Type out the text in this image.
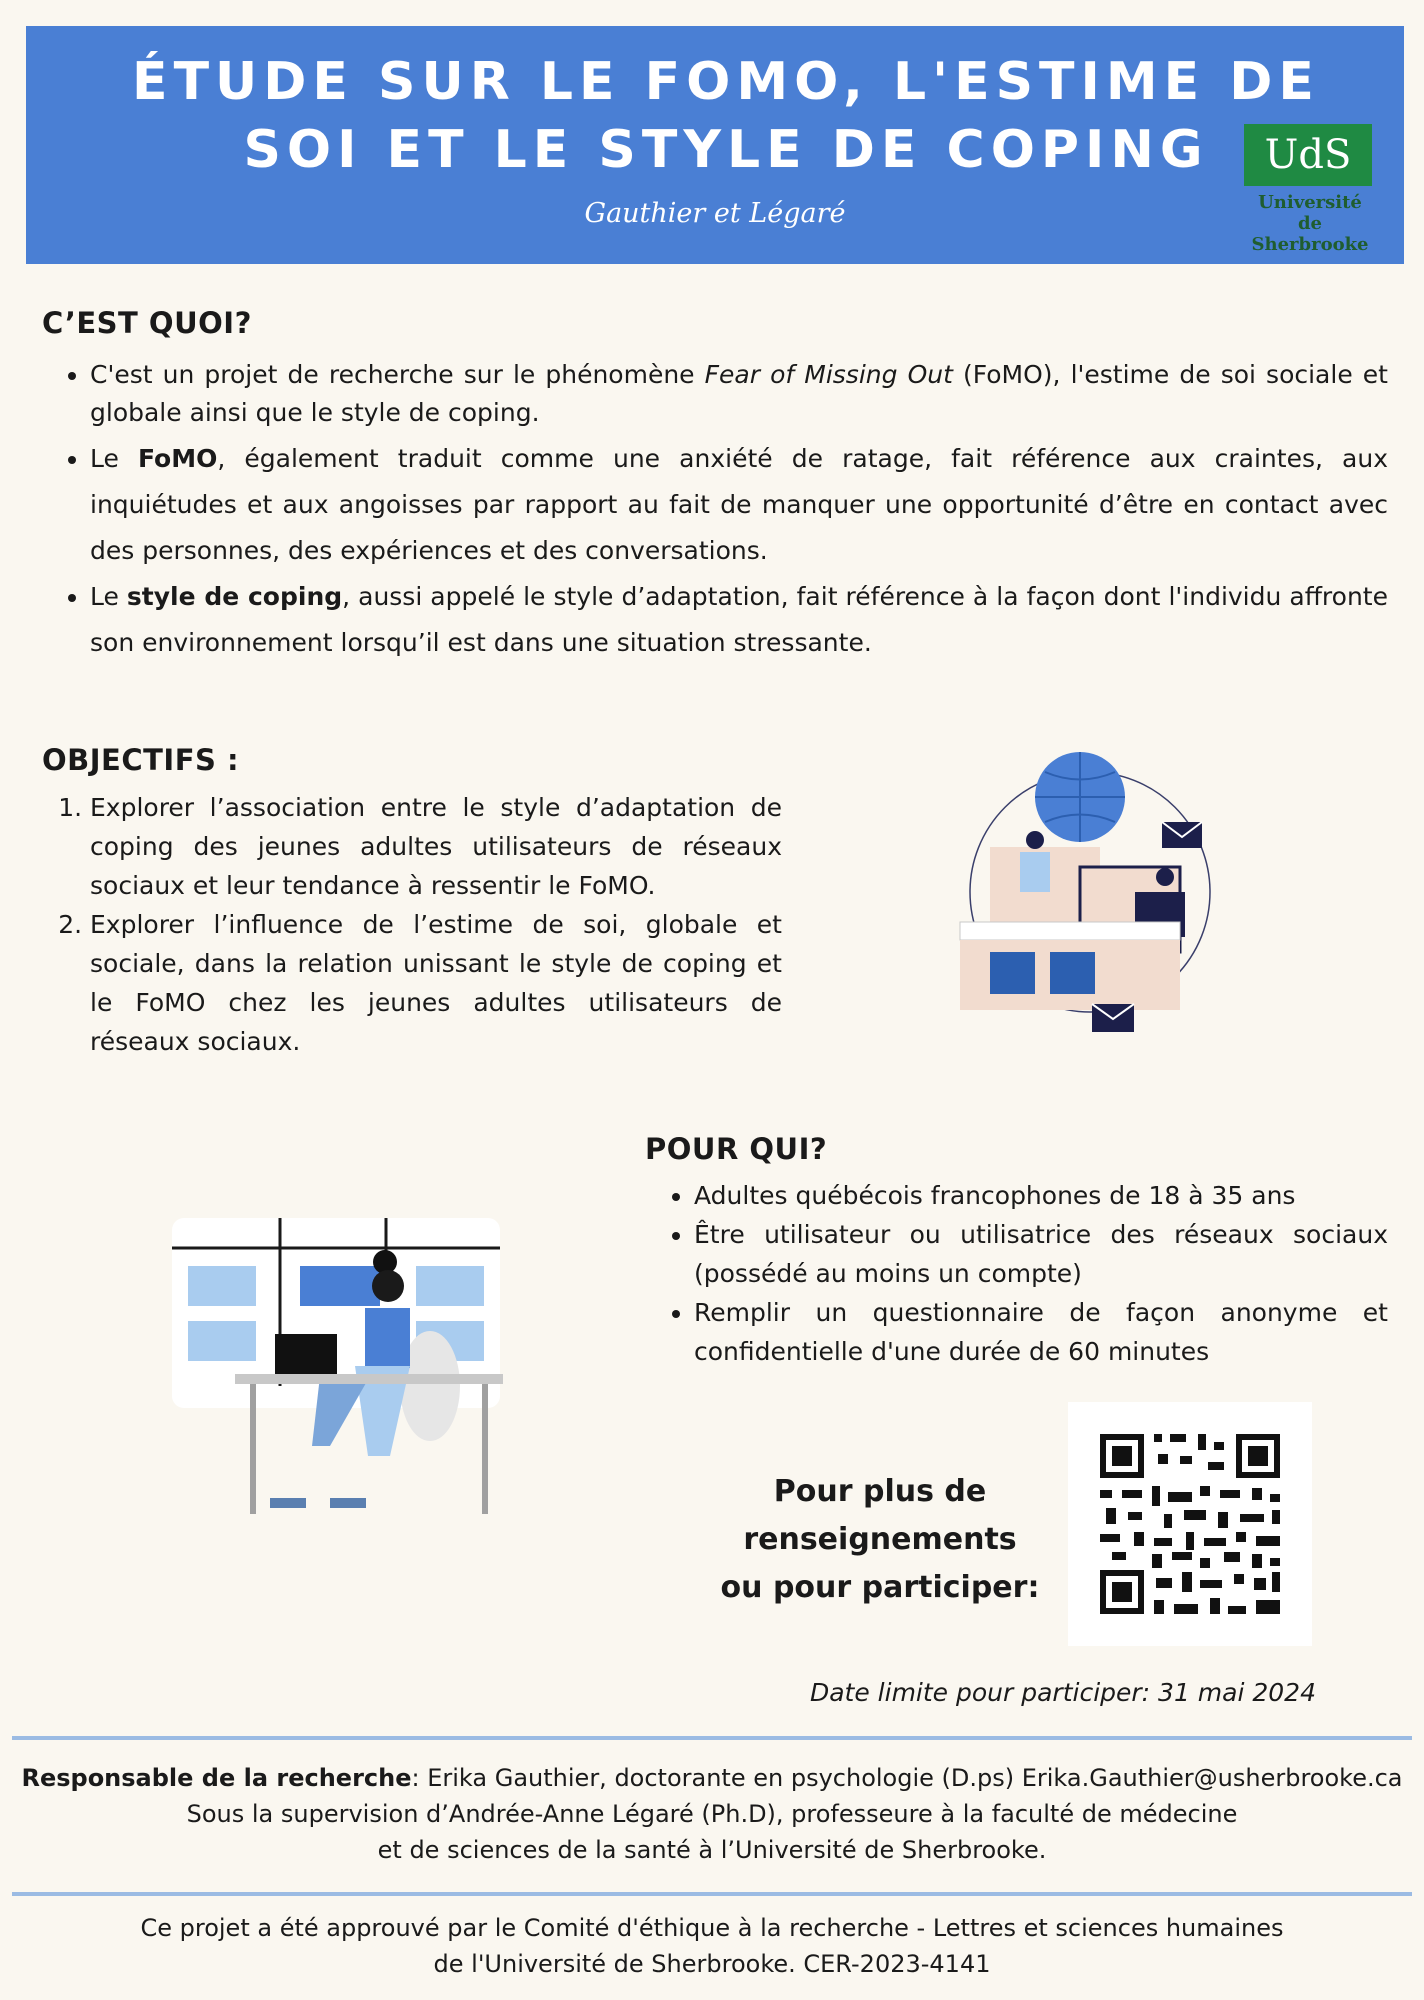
ÉTUDE SUR LE FOMO, L'ESTIME DE
SOI ET LE STYLE DE COPING
Gauthier et Légaré
UdS
Université de
Sherbrooke
C’EST QUOI?
• C'est un projet de recherche sur le phénomène Fear of Missing Out (FoMO), l'estime de soi sociale et globale ainsi que le style de coping.
• Le FoMO, également traduit comme une anxiété de ratage, fait référence aux craintes, aux inquiétudes et aux angoisses par rapport au fait de manquer une opportunité d’être en contact avec des personnes, des expériences et des conversations.
• Le style de coping, aussi appelé le style d’adaptation, fait référence à la façon dont l'individu affronte son environnement lorsqu’il est dans une situation stressante.
OBJECTIFS :
1. Explorer l’association entre le style d’adaptation de coping des jeunes adultes utilisateurs de réseaux sociaux et leur tendance à ressentir le FoMO.
2. Explorer l’influence de l’estime de soi, globale et sociale, dans la relation unissant le style de coping et le FoMO chez les jeunes adultes utilisateurs de réseaux sociaux.
POUR QUI?
• Adultes québécois francophones de 18 à 35 ans
• Être utilisateur ou utilisatrice des réseaux sociaux (possédé au moins un compte)
• Remplir un questionnaire de façon anonyme et confidentielle d'une durée de 60 minutes
Pour plus de
renseignements
ou pour participer:
Date limite pour participer: 31 mai 2024
Responsable de la recherche: Erika Gauthier, doctorante en psychologie (D.ps) Erika.Gauthier@usherbrooke.ca
Sous la supervision d’Andrée-Anne Légaré (Ph.D), professeure à la faculté de médecine
et de sciences de la santé à l’Université de Sherbrooke.
Ce projet a été approuvé par le Comité d'éthique à la recherche - Lettres et sciences humaines
de l'Université de Sherbrooke. CER-2023-4141
